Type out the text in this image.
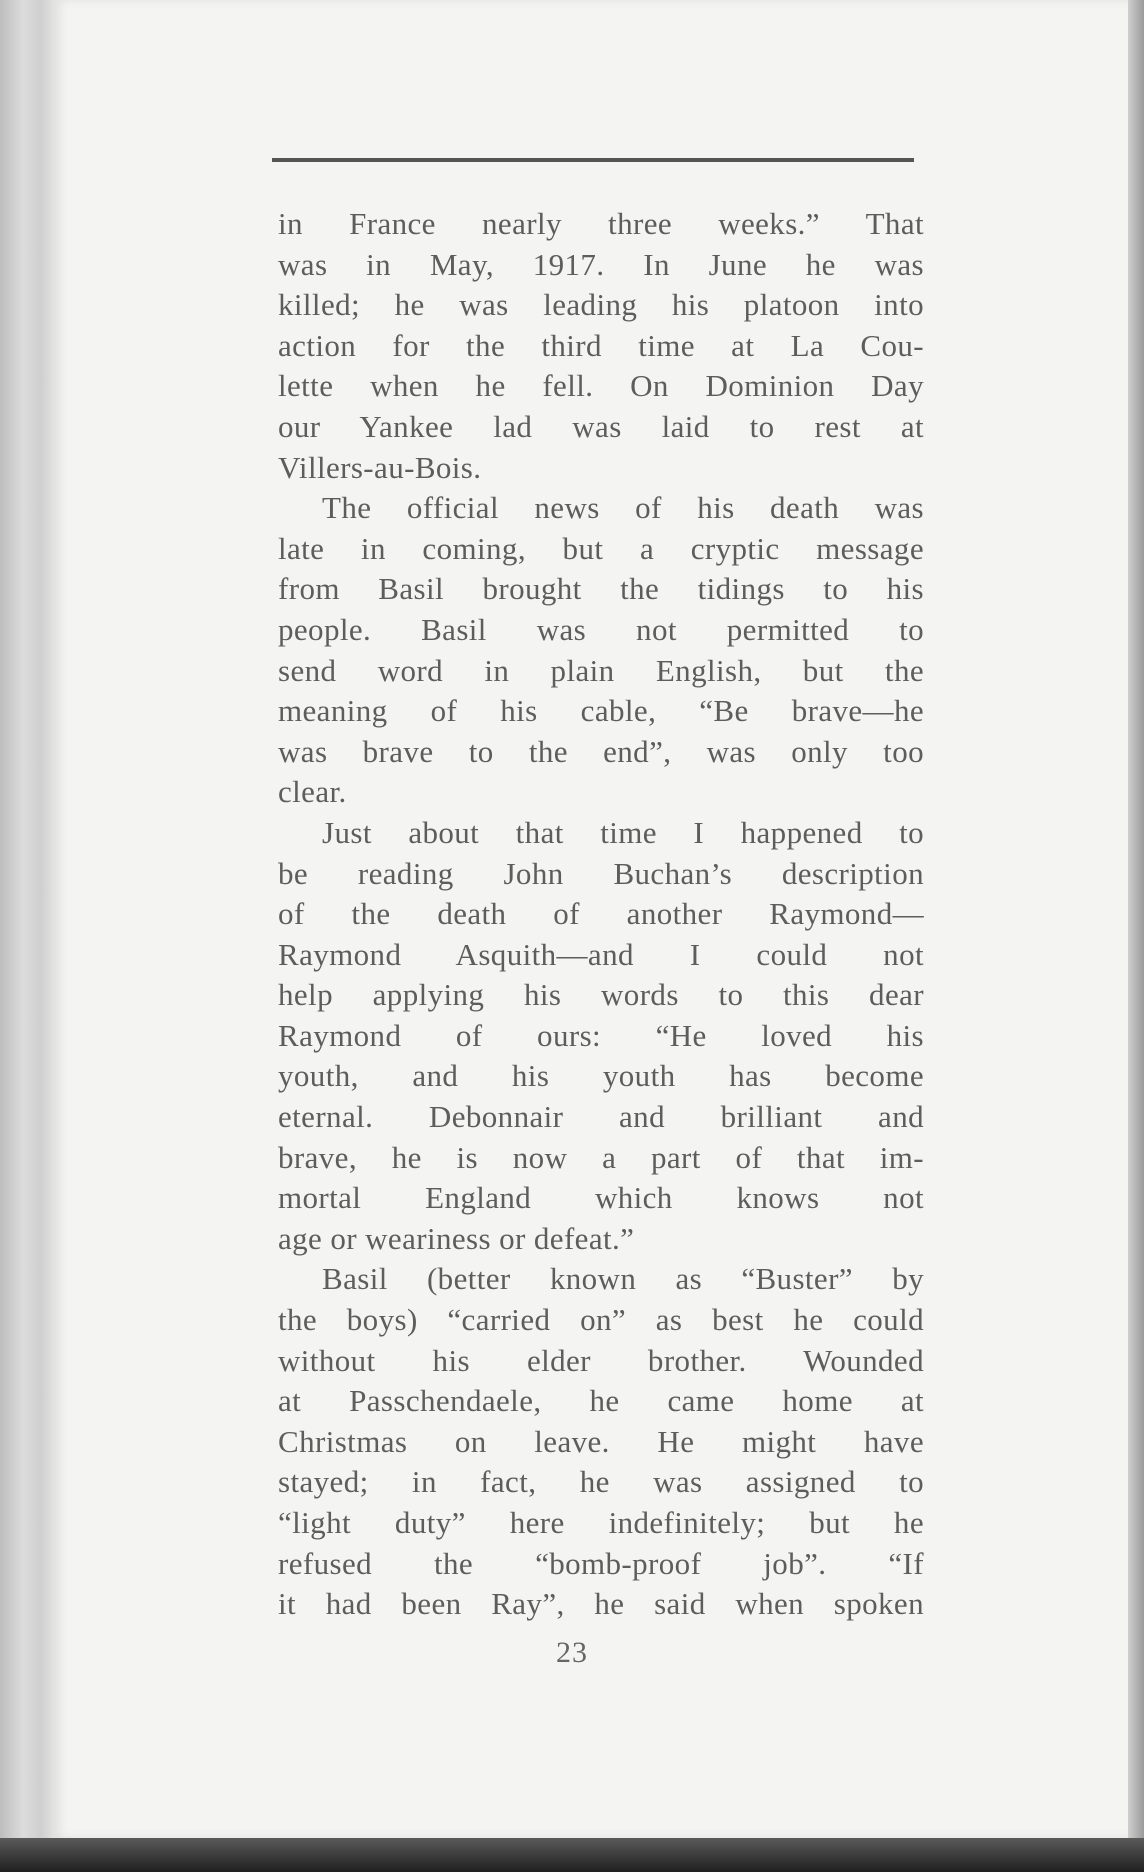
in France nearly three weeks.” That
was in May, 1917. In June he was
killed; he was leading his platoon into
action for the third time at La Cou-
lette when he fell. On Dominion Day
our Yankee lad was laid to rest at
Villers-au-Bois.
The official news of his death was
late in coming, but a cryptic message
from Basil brought the tidings to his
people. Basil was not permitted to
send word in plain English, but the
meaning of his cable, “Be brave—he
was brave to the end”, was only too
clear.
Just about that time I happened to
be reading John Buchan’s description
of the death of another Raymond—
Raymond Asquith—and I could not
help applying his words to this dear
Raymond of ours: “He loved his
youth, and his youth has become
eternal. Debonnair and brilliant and
brave, he is now a part of that im-
mortal England which knows not
age or weariness or defeat.”
Basil (better known as “Buster” by
the boys) “carried on” as best he could
without his elder brother. Wounded
at Passchendaele, he came home at
Christmas on leave. He might have
stayed; in fact, he was assigned to
“light duty” here indefinitely; but he
refused the “bomb-proof job”. “If
it had been Ray”, he said when spoken
23
